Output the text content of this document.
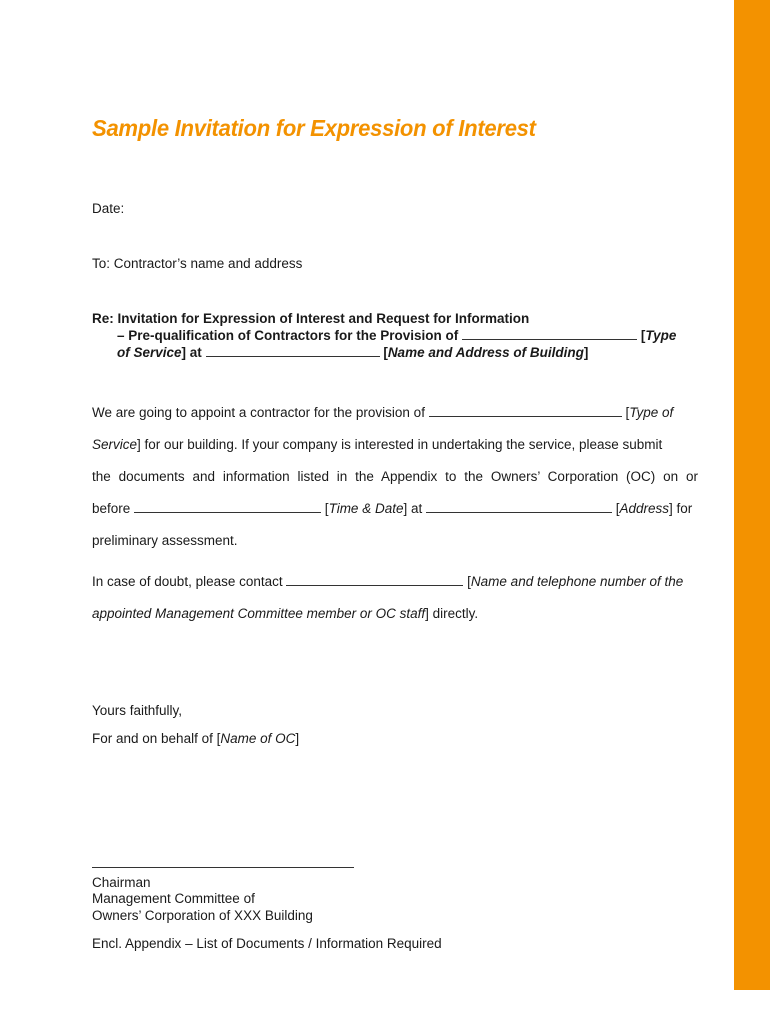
Sample Invitation for Expression of Interest
Date:
To: Contractor’s name and address
Re: Invitation for Expression of Interest and Request for Information
– Pre-qualification of Contractors for the Provision of	[Type
of Service] at	[Name and Address of Building]
We are going to appoint a contractor for the provision of	[Type of
Service] for our building. If your company is interested in undertaking the service, please submit
the documents and information listed in the Appendix to the Owners’ Corporation (OC) on or
before	[Time & Date] at	[Address] for
preliminary assessment.
In case of doubt, please contact	[Name and telephone number of the
appointed Management Committee member or OC staff] directly.
Yours faithfully,
For and on behalf of [Name of OC]
Chairman
Management Committee of
Owners’ Corporation of XXX Building
Encl. Appendix – List of Documents / Information Required
